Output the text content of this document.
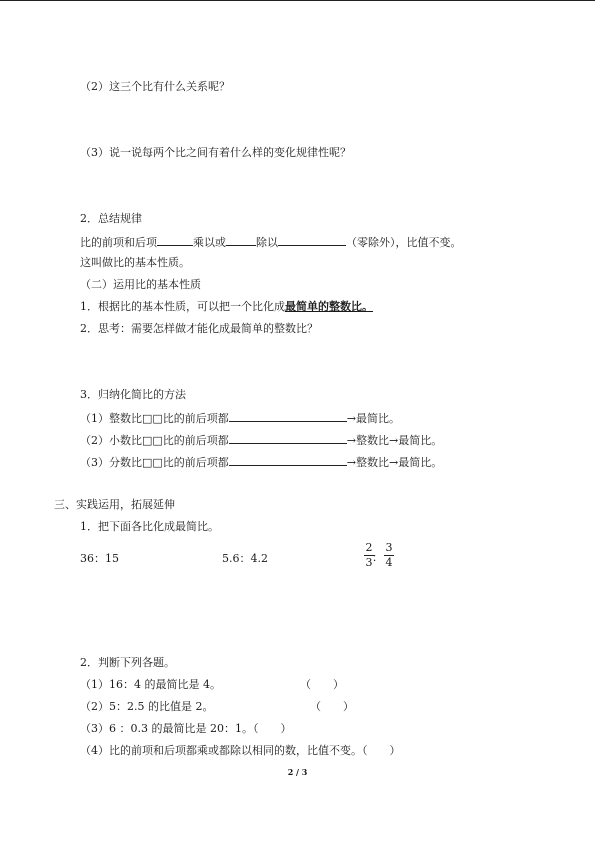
（2）这三个比有什么关系呢？
（3）说一说每两个比之间有着什么样的变化规律性呢？
2．总结规律
比的前项和后项	乘以或	除以	（零除外），比值不变。
这叫做比的基本性质。
（二）运用比的基本性质
1．根据比的基本性质，可以把一个比化成最简单的整数比。
2．思考：需要怎样做才能化成最简单的整数比？
3．归纳化简比的方法
（1）整数比□□比的前后项都	→最简比。
（2）小数比□□比的前后项都	→整数比→最简比。
（3）分数比□□比的前后项都	→整数比→最简比。
三、实践运用，拓展延伸
1．把下面各比化成最简比。
36：15	5.6：4.2
2
3 ：
3
4
2．判断下列各题。
（1）16：4 的最简比是 4。	（　　）
（2）5：2.5 的比值是 2。	（　　）
（3）6 ：0.3 的最简比是 20：1。（　　）
（4）比的前项和后项都乘或都除以相同的数，比值不变。（　　）
2 / 3
